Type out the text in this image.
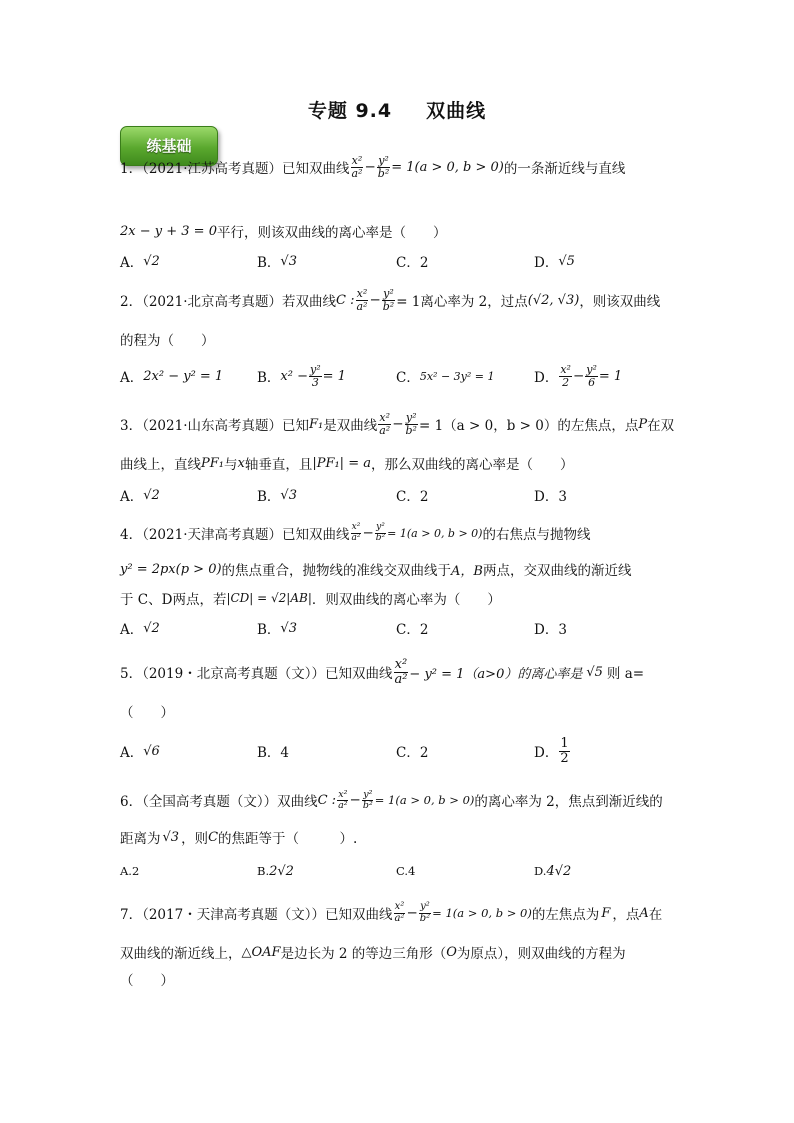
专题 9.4 双曲线
练基础
1．（2021·江苏高考真题）已知双曲线 $\frac{\text{x²}}{\text{a²}} - \frac{\text{y²}}{\text{b²}} = 1$ (a > 0, b > 0) 的一条渐近线与直线
2x − y + 3 = 0 平行，则该双曲线的离心率是（　　）
A． √2	B． √3	C．2	D． √5
2．（2021·北京高考真题）若双曲线 C : $\frac{\text{x²}}{\text{a²}} - \frac{\text{y²}}{\text{b²}} = 1$离心率为 2，过点 (√2, √3) ，则该双曲线
的程为（　　）
A． 2x² − y² = 1	B． $x^2 - \frac{\text{y²}}{3} = 1$	C． 5x² − 3y² = 1	D． $\frac{\text{x²}}{2} - \frac{\text{y²}}{6} = 1$
3．（2021·山东高考真题）已知 F₁ 是双曲线 $\frac{\text{x²}}{\text{a²}} - \frac{\text{y²}}{\text{b²}} = 1(a > 0$，b > 0）的左焦点，点 P 在双
曲线上，直线 PF₁ 与 x 轴垂直，且 |PF₁| = a ，那么双曲线的离心率是（　　）
A． √2	B． √3	C．2	D．3
4．（2021·天津高考真题）已知双曲线 $\frac{\text{x²}}{\text{a²}} - \frac{\text{y²}}{\text{b²}} = 1(a > 0$, b > 0) 的右焦点与抛物线
y² = 2px(p > 0) 的焦点重合，抛物线的准线交双曲线于 A，B 两点，交双曲线的渐近线
于 C、D两点，若 |CD| = √2|AB| ．则双曲线的离心率为（　　）
A． √2	B． √3	C．2	D．3
5．（2019・北京高考真题（文））已知双曲线 $\frac{\text{x²}}{\text{a²}} - y^2 = 1(a>0)$的离心率是 √5 则 a=
（　　）
A． √6	B．4	C．2	D． $\frac{1}{2}$
6．（全国高考真题（文））双曲线 C : $\frac{\text{x²}}{\text{a²}} - \frac{\text{y²}}{\text{b²}} = 1(a > 0$, b > 0) 的离心率为 2，焦点到渐近线的
距离为 √3 ，则 C 的焦距等于（　　　）.
A.2	B. 2√2	C.4	D. 4√2
7．（2017・天津高考真题（文））已知双曲线 $\frac{\text{x²}}{\text{a²}} - \frac{\text{y²}}{\text{b²}} = 1(a > 0$, b > 0) 的左焦点为 F ，点 A 在
双曲线的渐近线上， △OAF 是边长为 2 的等边三角形（ O 为原点），则双曲线的方程为
（　　）
